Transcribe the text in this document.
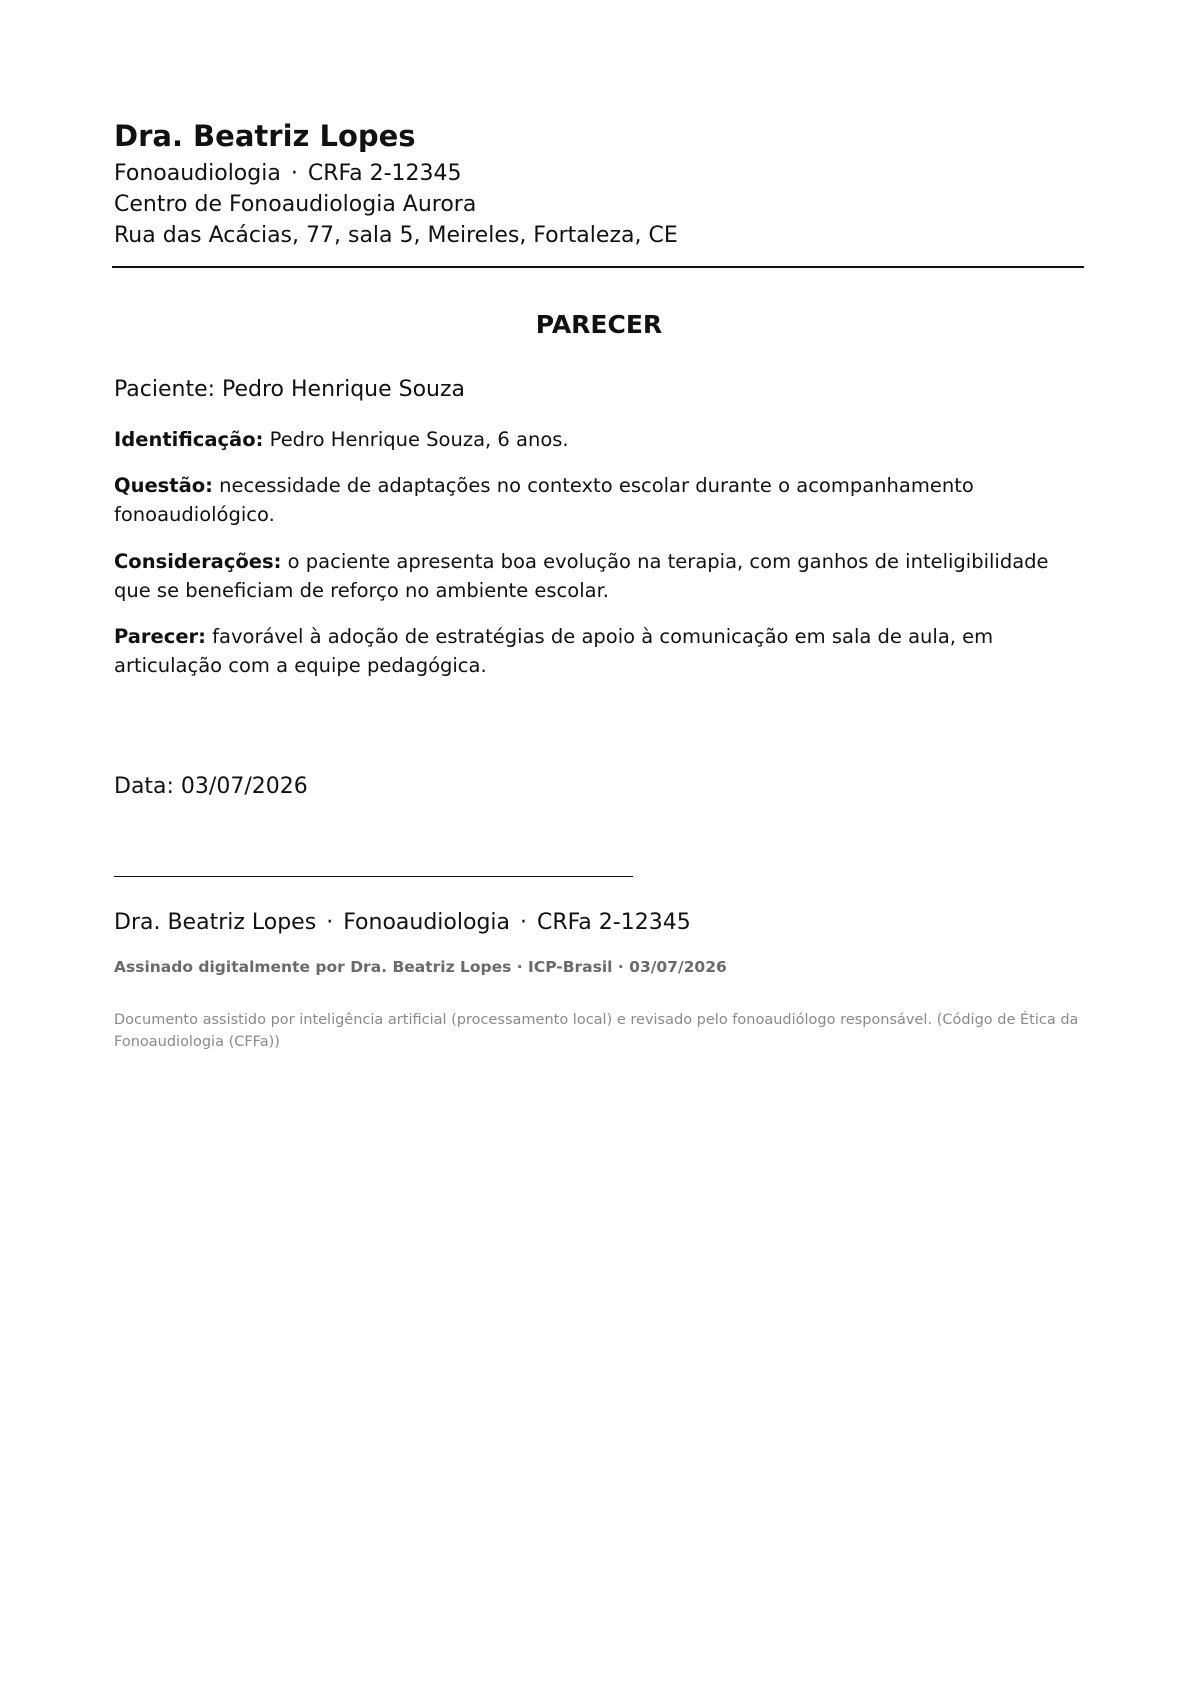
Dra. Beatriz Lopes

Fonoaudiologia · CRFa 2-12345

Centro de Fonoaudiologia Aurora

Rua das Acácias, 77, sala 5, Meireles, Fortaleza, CE

PARECER

Paciente: Pedro Henrique Souza

Identificação: Pedro Henrique Souza, 6 anos.

Questão: necessidade de adaptações no contexto escolar durante o acompanhamento fonoaudiológico.

Considerações: o paciente apresenta boa evolução na terapia, com ganhos de inteligibilidade que se beneficiam de reforço no ambiente escolar.

Parecer: favorável à adoção de estratégias de apoio à comunicação em sala de aula, em articulação com a equipe pedagógica.

Data: 03/07/2026

Dra. Beatriz Lopes · Fonoaudiologia · CRFa 2-12345

Assinado digitalmente por Dra. Beatriz Lopes · ICP-Brasil · 03/07/2026

Documento assistido por inteligência artificial (processamento local) e revisado pelo fonoaudiólogo responsável. (Código de Ética da Fonoaudiologia (CFFa))
